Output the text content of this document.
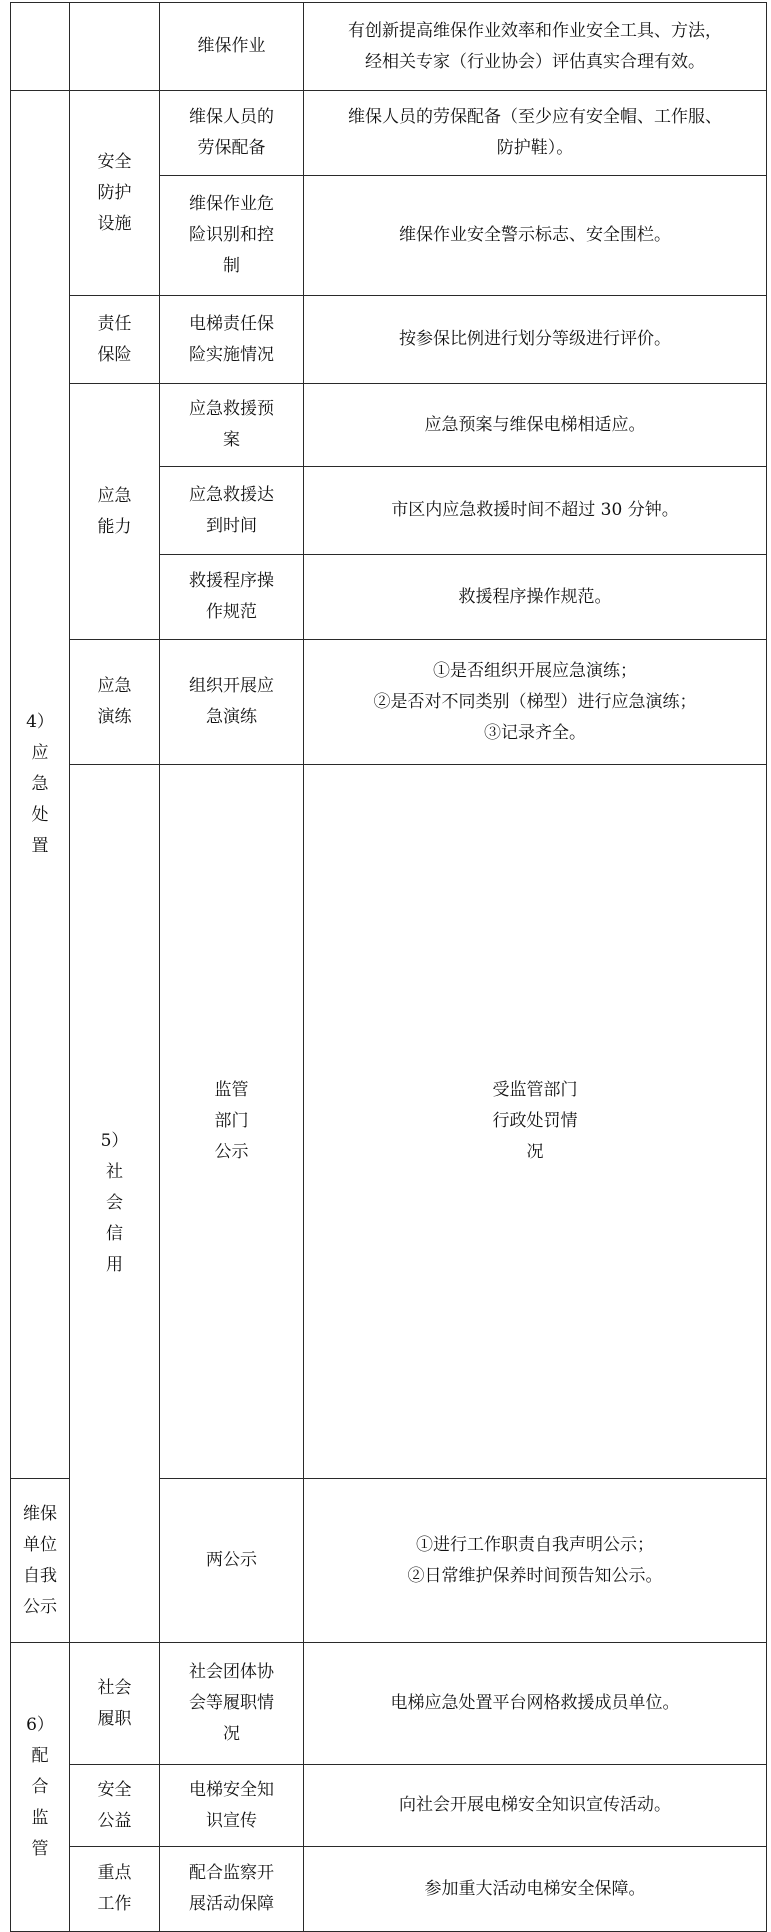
		维保作业	有创新提高维保作业效率和作业安全工具、方法，
经相关专家（行业协会）评估真实合理有效。	
4）
应
急
处
置	安全
防护
设施	维保人员的
劳保配备	维保人员的劳保配备（至少应有安全帽、工作服、
防护鞋）。	
		维保作业危
险识别和控
制	维保作业安全警示标志、安全围栏。	
	责任
保险	电梯责任保
险实施情况	按参保比例进行划分等级进行评价。	
	应急
能力	应急救援预
案	应急预案与维保电梯相适应。	
		应急救援达
到时间	市区内应急救援时间不超过 30 分钟。	
		救援程序操
作规范	救援程序操作规范。	
	应急
演练	组织开展应
急演练	①是否组织开展应急演练；
②是否对不同类别（梯型）进行应急演练；
③记录齐全。	
	5）
社
会
信
用	监管
部门
公示	受监管部门
行政处罚情
况	
维保
单位
自我
公示		两公示	①进行工作职责自我声明公示；
②日常维护保养时间预告知公示。	
6）
配
合
监
管	社会
履职	社会团体协
会等履职情
况	电梯应急处置平台网格救援成员单位。	
	安全
公益	电梯安全知
识宣传	向社会开展电梯安全知识宣传活动。	
	重点
工作	配合监察开
展活动保障	参加重大活动电梯安全保障。	
